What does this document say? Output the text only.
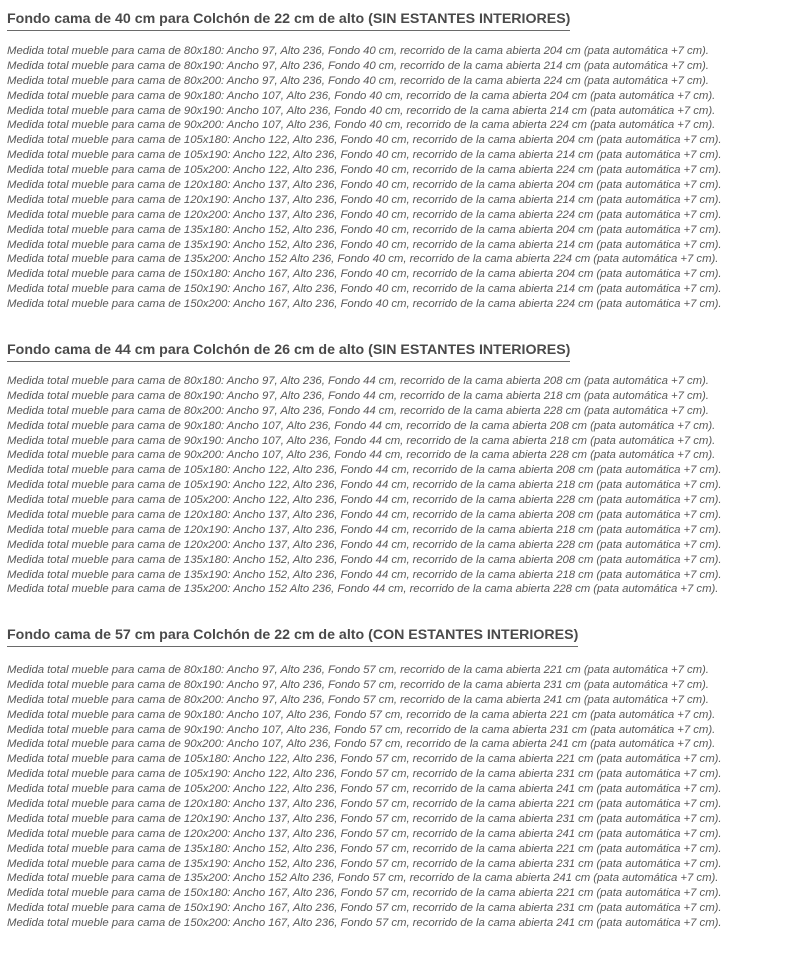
Fondo cama de 40 cm para Colchón de 22 cm de alto (SIN ESTANTES INTERIORES)
Medida total mueble para cama de 80x180: Ancho 97, Alto 236, Fondo 40 cm, recorrido de la cama abierta 204 cm (pata automática +7 cm).
Medida total mueble para cama de 80x190: Ancho 97, Alto 236, Fondo 40 cm, recorrido de la cama abierta 214 cm (pata automática +7 cm).
Medida total mueble para cama de 80x200: Ancho 97, Alto 236, Fondo 40 cm, recorrido de la cama abierta 224 cm (pata automática +7 cm).
Medida total mueble para cama de 90x180: Ancho 107, Alto 236, Fondo 40 cm, recorrido de la cama abierta 204 cm (pata automática +7 cm).
Medida total mueble para cama de 90x190: Ancho 107, Alto 236, Fondo 40 cm, recorrido de la cama abierta 214 cm (pata automática +7 cm).
Medida total mueble para cama de 90x200: Ancho 107, Alto 236, Fondo 40 cm, recorrido de la cama abierta 224 cm (pata automática +7 cm).
Medida total mueble para cama de 105x180: Ancho 122, Alto 236, Fondo 40 cm, recorrido de la cama abierta 204 cm (pata automática +7 cm).
Medida total mueble para cama de 105x190: Ancho 122, Alto 236, Fondo 40 cm, recorrido de la cama abierta 214 cm (pata automática +7 cm).
Medida total mueble para cama de 105x200: Ancho 122, Alto 236, Fondo 40 cm, recorrido de la cama abierta 224 cm (pata automática +7 cm).
Medida total mueble para cama de 120x180: Ancho 137, Alto 236, Fondo 40 cm, recorrido de la cama abierta 204 cm (pata automática +7 cm).
Medida total mueble para cama de 120x190: Ancho 137, Alto 236, Fondo 40 cm, recorrido de la cama abierta 214 cm (pata automática +7 cm).
Medida total mueble para cama de 120x200: Ancho 137, Alto 236, Fondo 40 cm, recorrido de la cama abierta 224 cm (pata automática +7 cm).
Medida total mueble para cama de 135x180: Ancho 152, Alto 236, Fondo 40 cm, recorrido de la cama abierta 204 cm (pata automática +7 cm).
Medida total mueble para cama de 135x190: Ancho 152, Alto 236, Fondo 40 cm, recorrido de la cama abierta 214 cm (pata automática +7 cm).
Medida total mueble para cama de 135x200: Ancho 152 Alto 236, Fondo 40 cm, recorrido de la cama abierta 224 cm (pata automática +7 cm).
Medida total mueble para cama de 150x180: Ancho 167, Alto 236, Fondo 40 cm, recorrido de la cama abierta 204 cm (pata automática +7 cm).
Medida total mueble para cama de 150x190: Ancho 167, Alto 236, Fondo 40 cm, recorrido de la cama abierta 214 cm (pata automática +7 cm).
Medida total mueble para cama de 150x200: Ancho 167, Alto 236, Fondo 40 cm, recorrido de la cama abierta 224 cm (pata automática +7 cm).
Fondo cama de 44 cm para Colchón de 26 cm de alto (SIN ESTANTES INTERIORES)
Medida total mueble para cama de 80x180: Ancho 97, Alto 236, Fondo 44 cm, recorrido de la cama abierta 208 cm (pata automática +7 cm).
Medida total mueble para cama de 80x190: Ancho 97, Alto 236, Fondo 44 cm, recorrido de la cama abierta 218 cm (pata automática +7 cm).
Medida total mueble para cama de 80x200: Ancho 97, Alto 236, Fondo 44 cm, recorrido de la cama abierta 228 cm (pata automática +7 cm).
Medida total mueble para cama de 90x180: Ancho 107, Alto 236, Fondo 44 cm, recorrido de la cama abierta 208 cm (pata automática +7 cm).
Medida total mueble para cama de 90x190: Ancho 107, Alto 236, Fondo 44 cm, recorrido de la cama abierta 218 cm (pata automática +7 cm).
Medida total mueble para cama de 90x200: Ancho 107, Alto 236, Fondo 44 cm, recorrido de la cama abierta 228 cm (pata automática +7 cm).
Medida total mueble para cama de 105x180: Ancho 122, Alto 236, Fondo 44 cm, recorrido de la cama abierta 208 cm (pata automática +7 cm).
Medida total mueble para cama de 105x190: Ancho 122, Alto 236, Fondo 44 cm, recorrido de la cama abierta 218 cm (pata automática +7 cm).
Medida total mueble para cama de 105x200: Ancho 122, Alto 236, Fondo 44 cm, recorrido de la cama abierta 228 cm (pata automática +7 cm).
Medida total mueble para cama de 120x180: Ancho 137, Alto 236, Fondo 44 cm, recorrido de la cama abierta 208 cm (pata automática +7 cm).
Medida total mueble para cama de 120x190: Ancho 137, Alto 236, Fondo 44 cm, recorrido de la cama abierta 218 cm (pata automática +7 cm).
Medida total mueble para cama de 120x200: Ancho 137, Alto 236, Fondo 44 cm, recorrido de la cama abierta 228 cm (pata automática +7 cm).
Medida total mueble para cama de 135x180: Ancho 152, Alto 236, Fondo 44 cm, recorrido de la cama abierta 208 cm (pata automática +7 cm).
Medida total mueble para cama de 135x190: Ancho 152, Alto 236, Fondo 44 cm, recorrido de la cama abierta 218 cm (pata automática +7 cm).
Medida total mueble para cama de 135x200: Ancho 152 Alto 236, Fondo 44 cm, recorrido de la cama abierta 228 cm (pata automática +7 cm).
Fondo cama de 57 cm para Colchón de 22 cm de alto (CON ESTANTES INTERIORES)
Medida total mueble para cama de 80x180: Ancho 97, Alto 236, Fondo 57 cm, recorrido de la cama abierta 221 cm (pata automática +7 cm).
Medida total mueble para cama de 80x190: Ancho 97, Alto 236, Fondo 57 cm, recorrido de la cama abierta 231 cm (pata automática +7 cm).
Medida total mueble para cama de 80x200: Ancho 97, Alto 236, Fondo 57 cm, recorrido de la cama abierta 241 cm (pata automática +7 cm).
Medida total mueble para cama de 90x180: Ancho 107, Alto 236, Fondo 57 cm, recorrido de la cama abierta 221 cm (pata automática +7 cm).
Medida total mueble para cama de 90x190: Ancho 107, Alto 236, Fondo 57 cm, recorrido de la cama abierta 231 cm (pata automática +7 cm).
Medida total mueble para cama de 90x200: Ancho 107, Alto 236, Fondo 57 cm, recorrido de la cama abierta 241 cm (pata automática +7 cm).
Medida total mueble para cama de 105x180: Ancho 122, Alto 236, Fondo 57 cm, recorrido de la cama abierta 221 cm (pata automática +7 cm).
Medida total mueble para cama de 105x190: Ancho 122, Alto 236, Fondo 57 cm, recorrido de la cama abierta 231 cm (pata automática +7 cm).
Medida total mueble para cama de 105x200: Ancho 122, Alto 236, Fondo 57 cm, recorrido de la cama abierta 241 cm (pata automática +7 cm).
Medida total mueble para cama de 120x180: Ancho 137, Alto 236, Fondo 57 cm, recorrido de la cama abierta 221 cm (pata automática +7 cm).
Medida total mueble para cama de 120x190: Ancho 137, Alto 236, Fondo 57 cm, recorrido de la cama abierta 231 cm (pata automática +7 cm).
Medida total mueble para cama de 120x200: Ancho 137, Alto 236, Fondo 57 cm, recorrido de la cama abierta 241 cm (pata automática +7 cm).
Medida total mueble para cama de 135x180: Ancho 152, Alto 236, Fondo 57 cm, recorrido de la cama abierta 221 cm (pata automática +7 cm).
Medida total mueble para cama de 135x190: Ancho 152, Alto 236, Fondo 57 cm, recorrido de la cama abierta 231 cm (pata automática +7 cm).
Medida total mueble para cama de 135x200: Ancho 152 Alto 236, Fondo 57 cm, recorrido de la cama abierta 241 cm (pata automática +7 cm).
Medida total mueble para cama de 150x180: Ancho 167, Alto 236, Fondo 57 cm, recorrido de la cama abierta 221 cm (pata automática +7 cm).
Medida total mueble para cama de 150x190: Ancho 167, Alto 236, Fondo 57 cm, recorrido de la cama abierta 231 cm (pata automática +7 cm).
Medida total mueble para cama de 150x200: Ancho 167, Alto 236, Fondo 57 cm, recorrido de la cama abierta 241 cm (pata automática +7 cm).
